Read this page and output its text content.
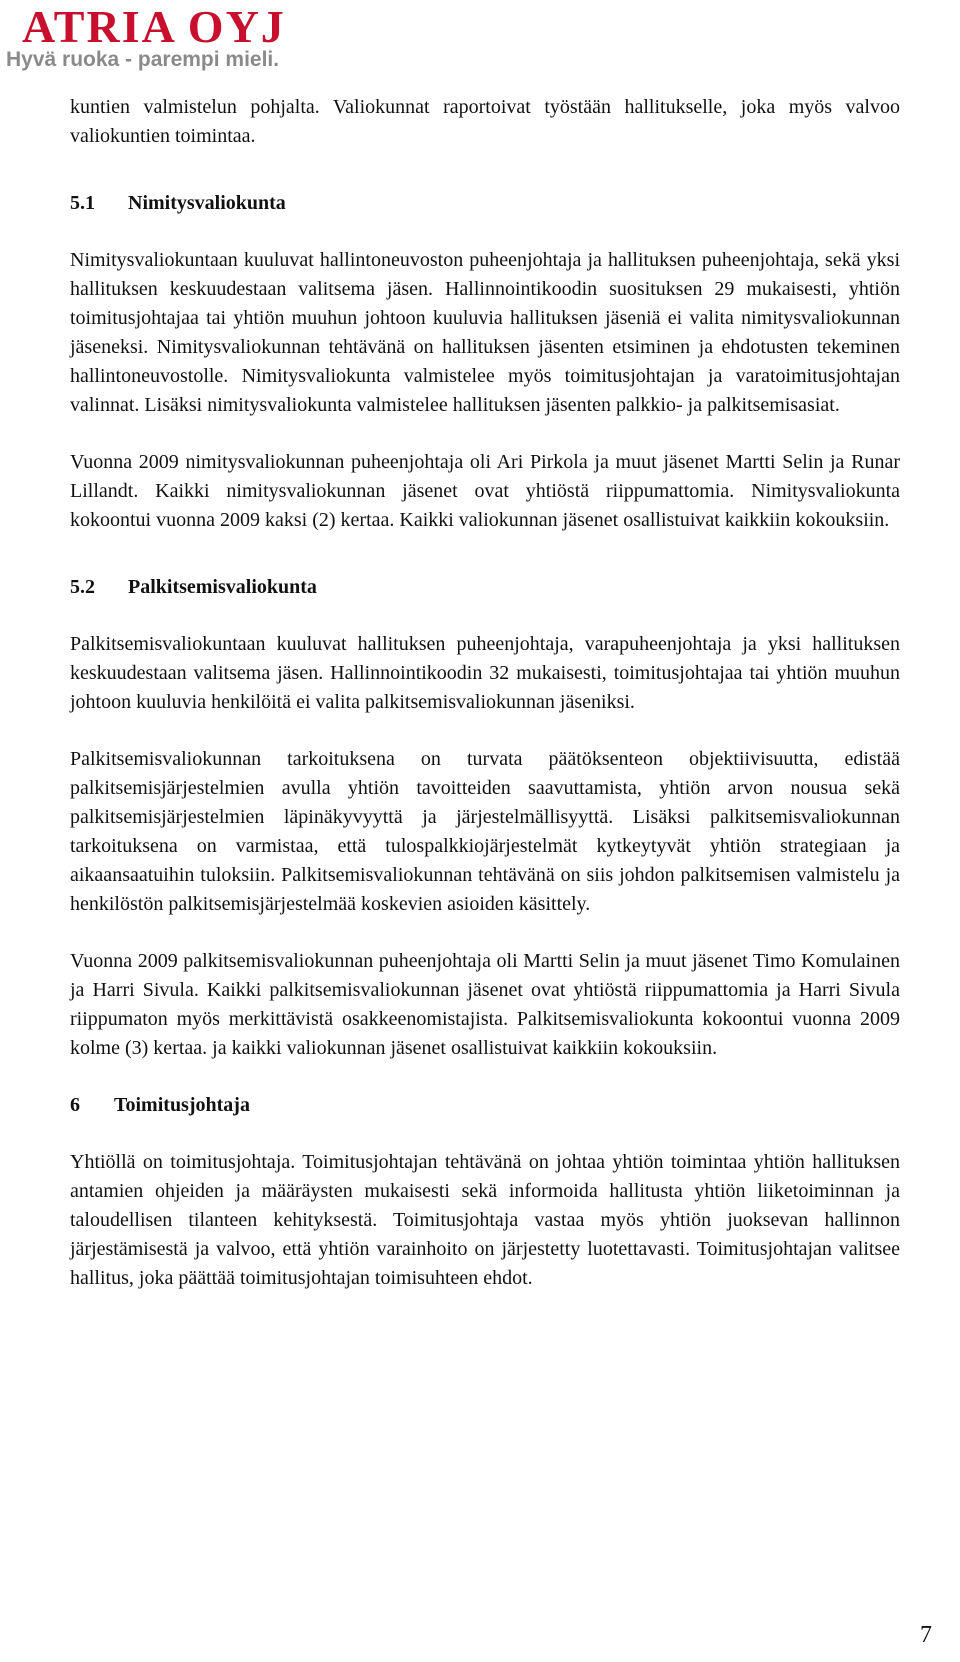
ATRIA OYJ
Hyvä ruoka - parempi mieli.

kuntien valmistelun pohjalta. Valiokunnat raportoivat työstään hallitukselle, joka myös valvoo valiokuntien toimintaa.

5.1 Nimitysvaliokunta

Nimitysvaliokuntaan kuuluvat hallintoneuvoston puheenjohtaja ja hallituksen puheenjohtaja, sekä yksi hallituksen keskuudestaan valitsema jäsen. Hallinnointikoodin suosituksen 29 mukaisesti, yhtiön toimitusjohtajaa tai yhtiön muuhun johtoon kuuluvia hallituksen jäseniä ei valita nimitysvaliokunnan jäseneksi. Nimitysvaliokunnan tehtävänä on hallituksen jäsenten etsiminen ja ehdotusten tekeminen hallintoneuvostolle. Nimitysvaliokunta valmistelee myös toimitusjohtajan ja varatoimitusjohtajan valinnat. Lisäksi nimitysvaliokunta valmistelee hallituksen jäsenten palkkio- ja palkitsemisasiat.

Vuonna 2009 nimitysvaliokunnan puheenjohtaja oli Ari Pirkola ja muut jäsenet Martti Selin ja Runar Lillandt. Kaikki nimitysvaliokunnan jäsenet ovat yhtiöstä riippumattomia. Nimitysvaliokunta kokoontui vuonna 2009 kaksi (2) kertaa. Kaikki valiokunnan jäsenet osallistuivat kaikkiin kokouksiin.

5.2 Palkitsemisvaliokunta

Palkitsemisvaliokuntaan kuuluvat hallituksen puheenjohtaja, varapuheenjohtaja ja yksi hallituksen keskuudestaan valitsema jäsen. Hallinnointikoodin 32 mukaisesti, toimitusjohtajaa tai yhtiön muuhun johtoon kuuluvia henkilöitä ei valita palkitsemisvaliokunnan jäseniksi.

Palkitsemisvaliokunnan tarkoituksena on turvata päätöksenteon objektiivisuutta, edistää palkitsemisjärjestelmien avulla yhtiön tavoitteiden saavuttamista, yhtiön arvon nousua sekä palkitsemisjärjestelmien läpinäkyvyyttä ja järjestelmällisyyttä. Lisäksi palkitsemisvaliokunnan tarkoituksena on varmistaa, että tulospalkkiojärjestelmät kytkeytyvät yhtiön strategiaan ja aikaansaatuihin tuloksiin. Palkitsemisvaliokunnan tehtävänä on siis johdon palkitsemisen valmistelu ja henkilöstön palkitsemisjärjestelmää koskevien asioiden käsittely.

Vuonna 2009 palkitsemisvaliokunnan puheenjohtaja oli Martti Selin ja muut jäsenet Timo Komulainen ja Harri Sivula. Kaikki palkitsemisvaliokunnan jäsenet ovat yhtiöstä riippumattomia ja Harri Sivula riippumaton myös merkittävistä osakkeenomistajista. Palkitsemisvaliokunta kokoontui vuonna 2009 kolme (3) kertaa. ja kaikki valiokunnan jäsenet osallistuivat kaikkiin kokouksiin.

6 Toimitusjohtaja

Yhtiöllä on toimitusjohtaja. Toimitusjohtajan tehtävänä on johtaa yhtiön toimintaa yhtiön hallituksen antamien ohjeiden ja määräysten mukaisesti sekä informoida hallitusta yhtiön liiketoiminnan ja taloudellisen tilanteen kehityksestä. Toimitusjohtaja vastaa myös yhtiön juoksevan hallinnon järjestämisestä ja valvoo, että yhtiön varainhoito on järjestetty luotettavasti. Toimitusjohtajan valitsee hallitus, joka päättää toimitusjohtajan toimisuhteen ehdot.

7
